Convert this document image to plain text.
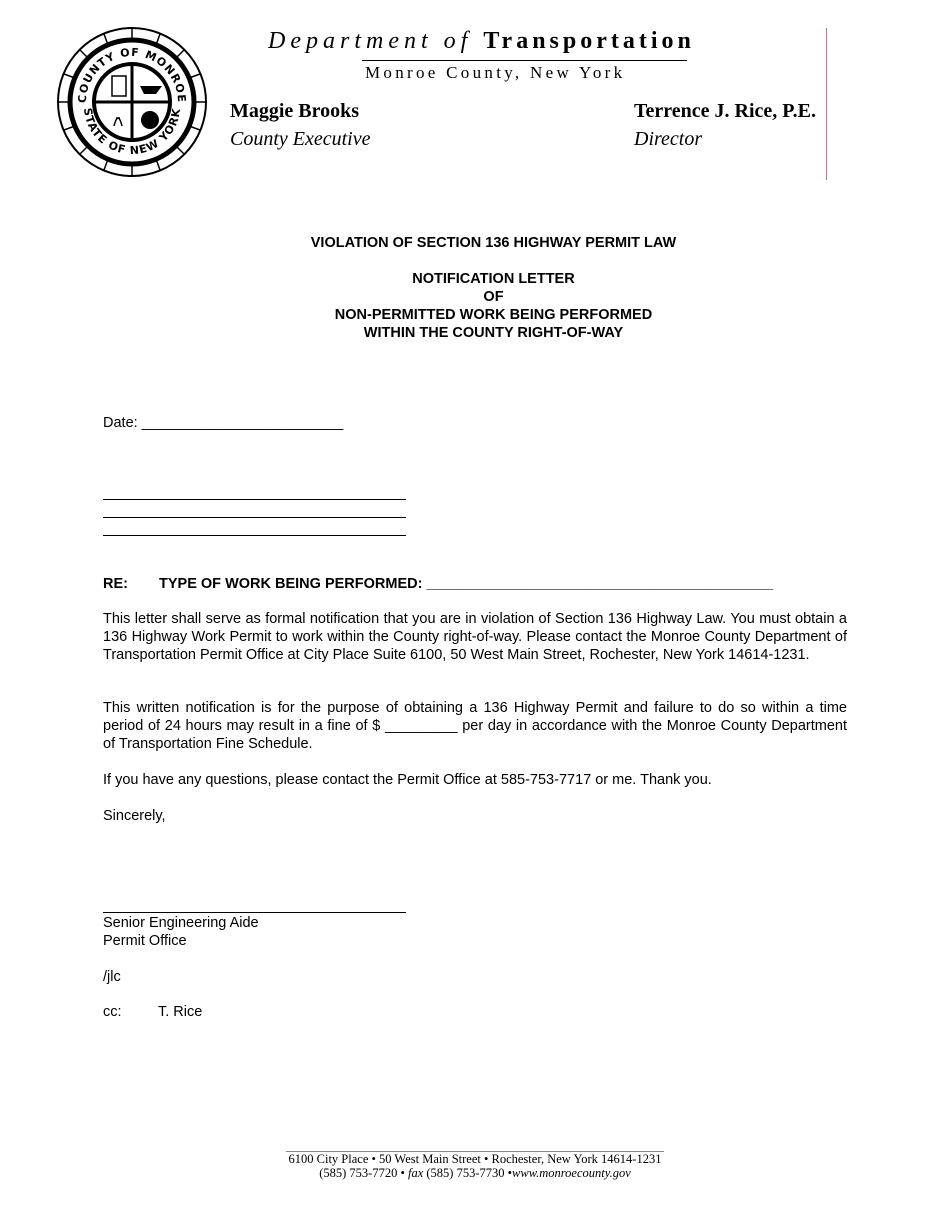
COUNTY OF MONROE
STATE OF NEW YORK
Department of Transportation
Monroe County, New York
Maggie Brooks
County Executive
Terrence J. Rice, P.E.
Director
VIOLATION OF SECTION 136 HIGHWAY PERMIT LAW
NOTIFICATION LETTER
OF
NON-PERMITTED WORK BEING PERFORMED
WITHIN THE COUNTY RIGHT-OF-WAY
Date: _________________________
RE: TYPE OF WORK BEING PERFORMED: ___________________________________________
This letter shall serve as formal notification that you are in violation of Section 136 Highway Law. You must obtain a 136 Highway Work Permit to work within the County right-of-way. Please contact the Monroe County Department of Transportation Permit Office at City Place Suite 6100, 50 West Main Street, Rochester, New York 14614-1231.
This written notification is for the purpose of obtaining a 136 Highway Permit and failure to do so within a time period of 24 hours may result in a fine of $ _________ per day in accordance with the Monroe County Department of Transportation Fine Schedule.
If you have any questions, please contact the Permit Office at 585-753-7717 or me. Thank you.
Sincerely,
Senior Engineering Aide
Permit Office
/jlc
cc:	T. Rice
6100 City Place • 50 West Main Street • Rochester, New York 14614-1231
(585) 753-7720 • fax (585) 753-7730 •www.monroecounty.gov
